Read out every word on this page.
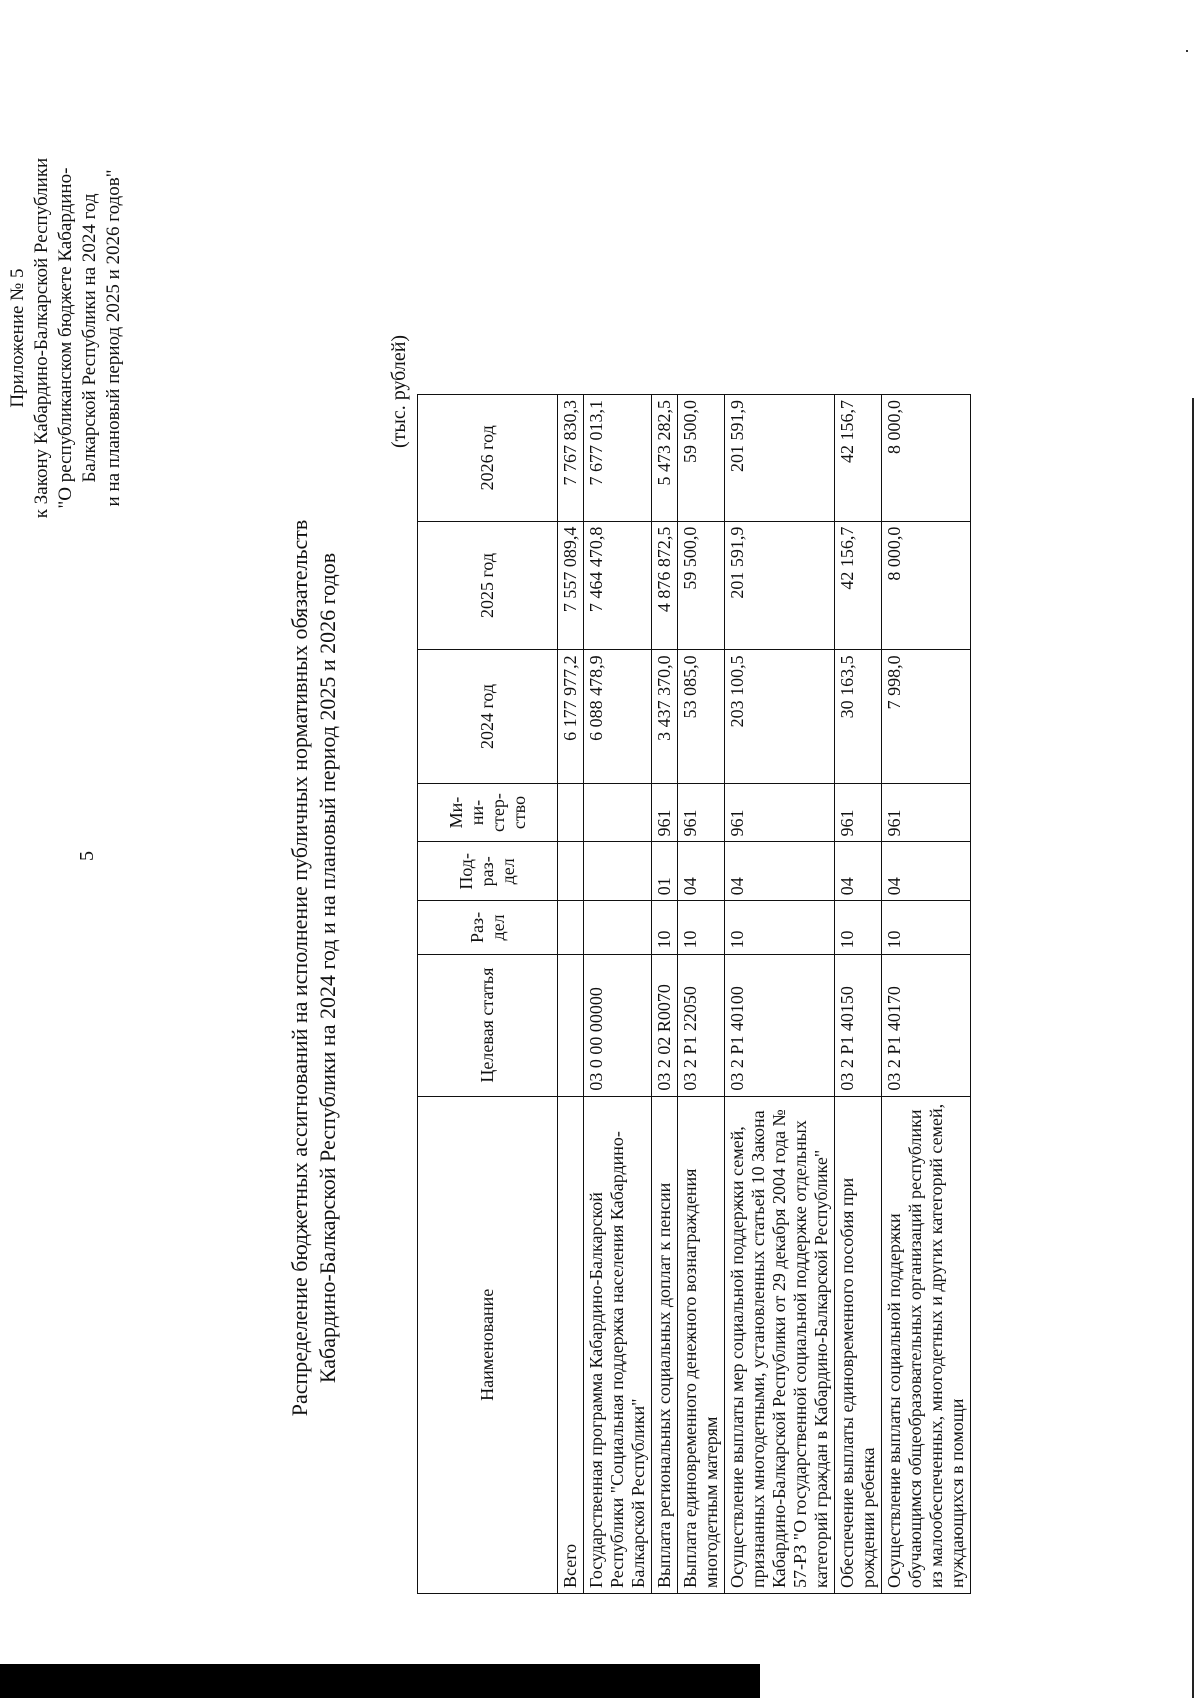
5
Приложение № 5 к Закону Кабардино-Балкарской Республики "О республиканском бюджете Кабардино- Балкарской Республики на 2024 год и на плановый период 2025 и 2026 годов"
Распределение бюджетных ассигнований на исполнение публичных нормативных обязательств Кабардино-Балкарской Республики на 2024 год и на плановый период 2025 и 2026 годов
(тыс. рублей)
Наименование	Целевая статья	Раз- дел	Под- раз- дел	Ми- ни- стер- ство	2024 год	2025 год	2026 год
Всего					6 177 977,2	7 557 089,4	7 767 830,3
Государственная программа Кабардино-Балкарской Республики "Социальная поддержка населения Кабардино-Балкарской Республики"	03 0 00 00000				6 088 478,9	7 464 470,8	7 677 013,1
Выплата региональных социальных доплат к пенсии	03 2 02 R0070	10	01	961	3 437 370,0	4 876 872,5	5 473 282,5
Выплата единовременного денежного вознаграждения многодетным матерям	03 2 P1 22050	10	04	961	53 085,0	59 500,0	59 500,0
Осуществление выплаты мер социальной поддержки семей, признанных многодетными, установленных статьей 10 Закона Кабардино-Балкарской Республики от 29 декабря 2004 года № 57-РЗ "О государственной социальной поддержке отдельных категорий граждан в Кабардино-Балкарской Республике"	03 2 P1 40100	10	04	961	203 100,5	201 591,9	201 591,9
Обеспечение выплаты единовременного пособия при рождении ребенка	03 2 P1 40150	10	04	961	30 163,5	42 156,7	42 156,7
Осуществление выплаты социальной поддержки обучающимся общеобразовательных организаций республики из малообеспеченных, многодетных и других категорий семей, нуждающихся в помощи	03 2 P1 40170	10	04	961	7 998,0	8 000,0	8 000,0
